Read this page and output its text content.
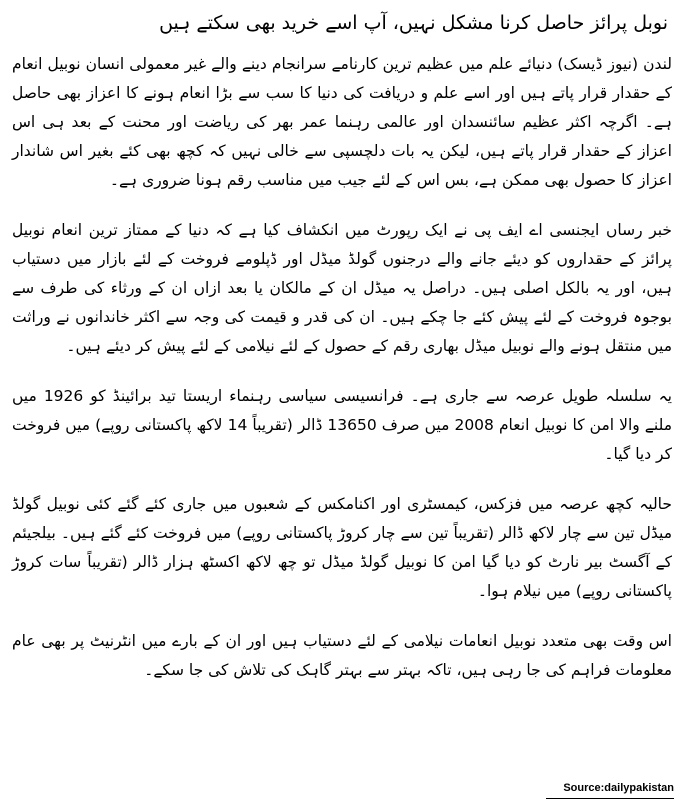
نوبل پرائز حاصل کرنا مشکل نہیں، آپ اسے خرید بھی سکتے ہیں

لندن (نیوز ڈیسک) دنیائے علم میں عظیم ترین کارنامے سرانجام دینے والے غیر معمولی انسان نوبیل انعام کے حقدار قرار پاتے ہیں اور اسے علم و دریافت کی دنیا کا سب سے بڑا انعام ہونے کا اعزاز بھی حاصل ہے۔ اگرچہ اکثر عظیم سائنسدان اور عالمی رہنما عمر بھر کی ریاضت اور محنت کے بعد ہی اس اعزاز کے حقدار قرار پاتے ہیں، لیکن یہ بات دلچسپی سے خالی نہیں کہ کچھ بھی کئے بغیر اس شاندار اعزاز کا حصول بھی ممکن ہے، بس اس کے لئے جیب میں مناسب رقم ہونا ضروری ہے۔

خبر رساں ایجنسی اے ایف پی نے ایک رپورٹ میں انکشاف کیا ہے کہ دنیا کے ممتاز ترین انعام نوبیل پرائز کے حقداروں کو دیئے جانے والے درجنوں گولڈ میڈل اور ڈپلومے فروخت کے لئے بازار میں دستیاب ہیں، اور یہ بالکل اصلی ہیں۔ دراصل یہ میڈل ان کے مالکان یا بعد ازاں ان کے ورثاء کی طرف سے بوجوہ فروخت کے لئے پیش کئے جا چکے ہیں۔ ان کی قدر و قیمت کی وجہ سے اکثر خاندانوں نے وراثت میں منتقل ہونے والے نوبیل میڈل بھاری رقم کے حصول کے لئے نیلامی کے لئے پیش کر دیئے ہیں۔

یہ سلسلہ طویل عرصہ سے جاری ہے۔ فرانسیسی سیاسی رہنماء اریستا تید برائینڈ کو 1926 میں ملنے والا امن کا نوبیل انعام 2008 میں صرف 13650 ڈالر (تقریباً 14 لاکھ پاکستانی روپے) میں فروخت کر دیا گیا۔

حالیہ کچھ عرصہ میں فزکس، کیمسٹری اور اکنامکس کے شعبوں میں جاری کئے گئے کئی نوبیل گولڈ میڈل تین سے چار لاکھ ڈالر (تقریباً تین سے چار کروڑ پاکستانی روپے) میں فروخت کئے گئے ہیں۔ بیلجیئم کے آگسٹ بیر نارٹ کو دیا گیا امن کا نوبیل گولڈ میڈل تو چھ لاکھ اکسٹھ ہزار ڈالر (تقریباً سات کروڑ پاکستانی روپے) میں نیلام ہوا۔

اس وقت بھی متعدد نوبیل انعامات نیلامی کے لئے دستیاب ہیں اور ان کے بارے میں انٹرنیٹ پر بھی عام معلومات فراہم کی جا رہی ہیں، تاکہ بہتر سے بہتر گاہک کی تلاش کی جا سکے۔

Source:dailypakistan
